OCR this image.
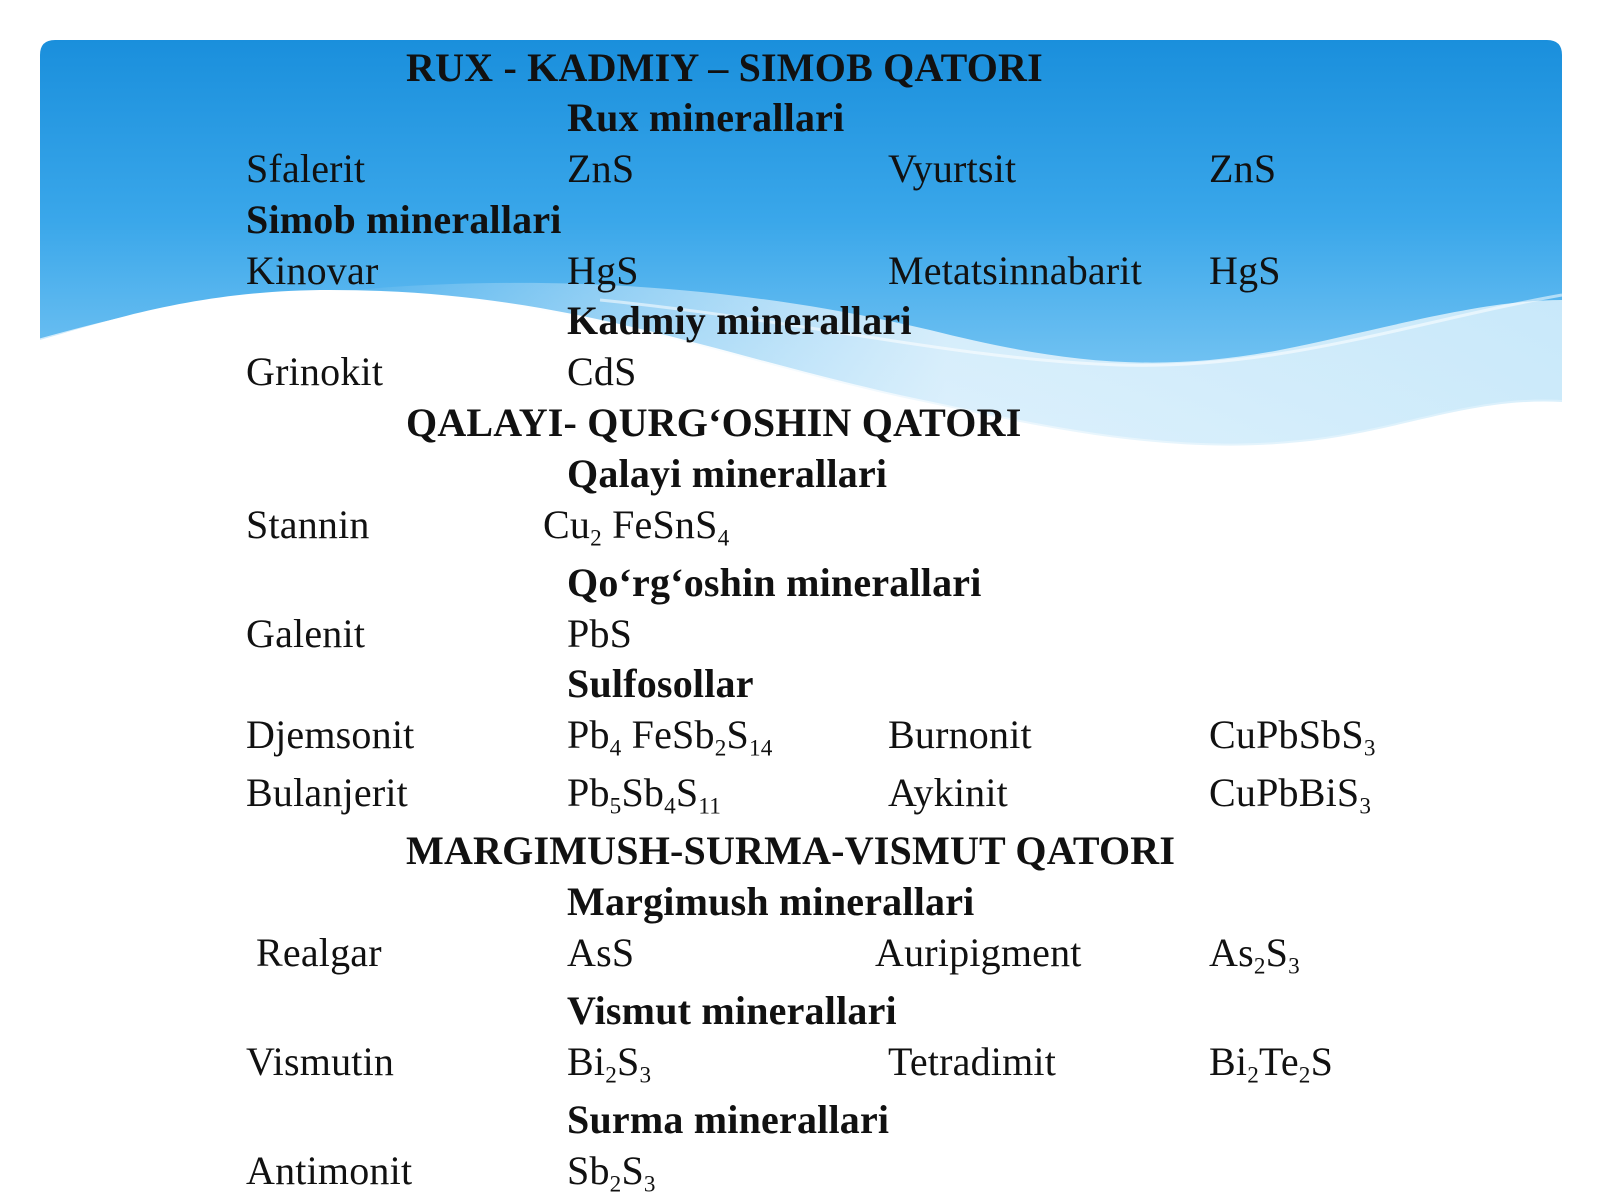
RUX - KADMIY – SIMOB QATORI
Rux minerallari
Sfalerit	ZnS	Vyurtsit	ZnS
Simob minerallari
Kinovar	HgS	Metatsinnabarit HgS
Kadmiy minerallari
Grinokit	CdS
QALAYI- QURG‘OSHIN QATORI
Qalayi minerallari
Stannin	$Cu_2$ FeSnS$_4$
Qo‘rg‘oshin minerallari
Galenit	PbS
Sulfosollar
Djemsonit	$Pb_4$ $FeSb_2S_{14}$	Burnonit	CuPbSbS$_3$
Bulanjerit	$Pb_5Sb_4S_{11}$	Aykinit	CuPbBiS$_3$
MARGIMUSH-SURMA-VISMUT QATORI
Margimush minerallari
Realgar	AsS	Auripigment	$As_2S_3$
Vismut minerallari
Vismutin	$Bi_2S_3$	Tetradimit	$Bi_2Te_2S$
Surma minerallari
Antimonit	$Sb_2S_3$
